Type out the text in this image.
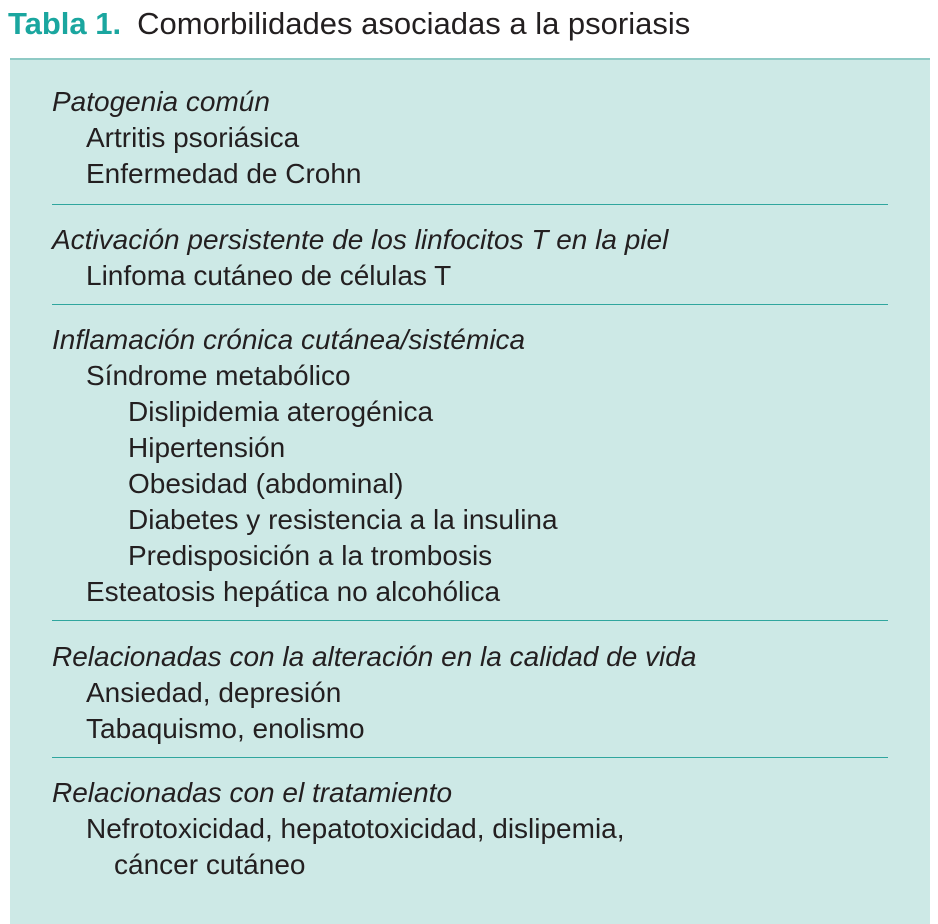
Tabla 1. Comorbilidades asociadas a la psoriasis
Patogenia común
Artritis psoriásica
Enfermedad de Crohn
Activación persistente de los linfocitos T en la piel
Linfoma cutáneo de células T
Inflamación crónica cutánea/sistémica
Síndrome metabólico
Dislipidemia aterogénica
Hipertensión
Obesidad (abdominal)
Diabetes y resistencia a la insulina
Predisposición a la trombosis
Esteatosis hepática no alcohólica
Relacionadas con la alteración en la calidad de vida
Ansiedad, depresión
Tabaquismo, enolismo
Relacionadas con el tratamiento
Nefrotoxicidad, hepatotoxicidad, dislipemia,
cáncer cutáneo
